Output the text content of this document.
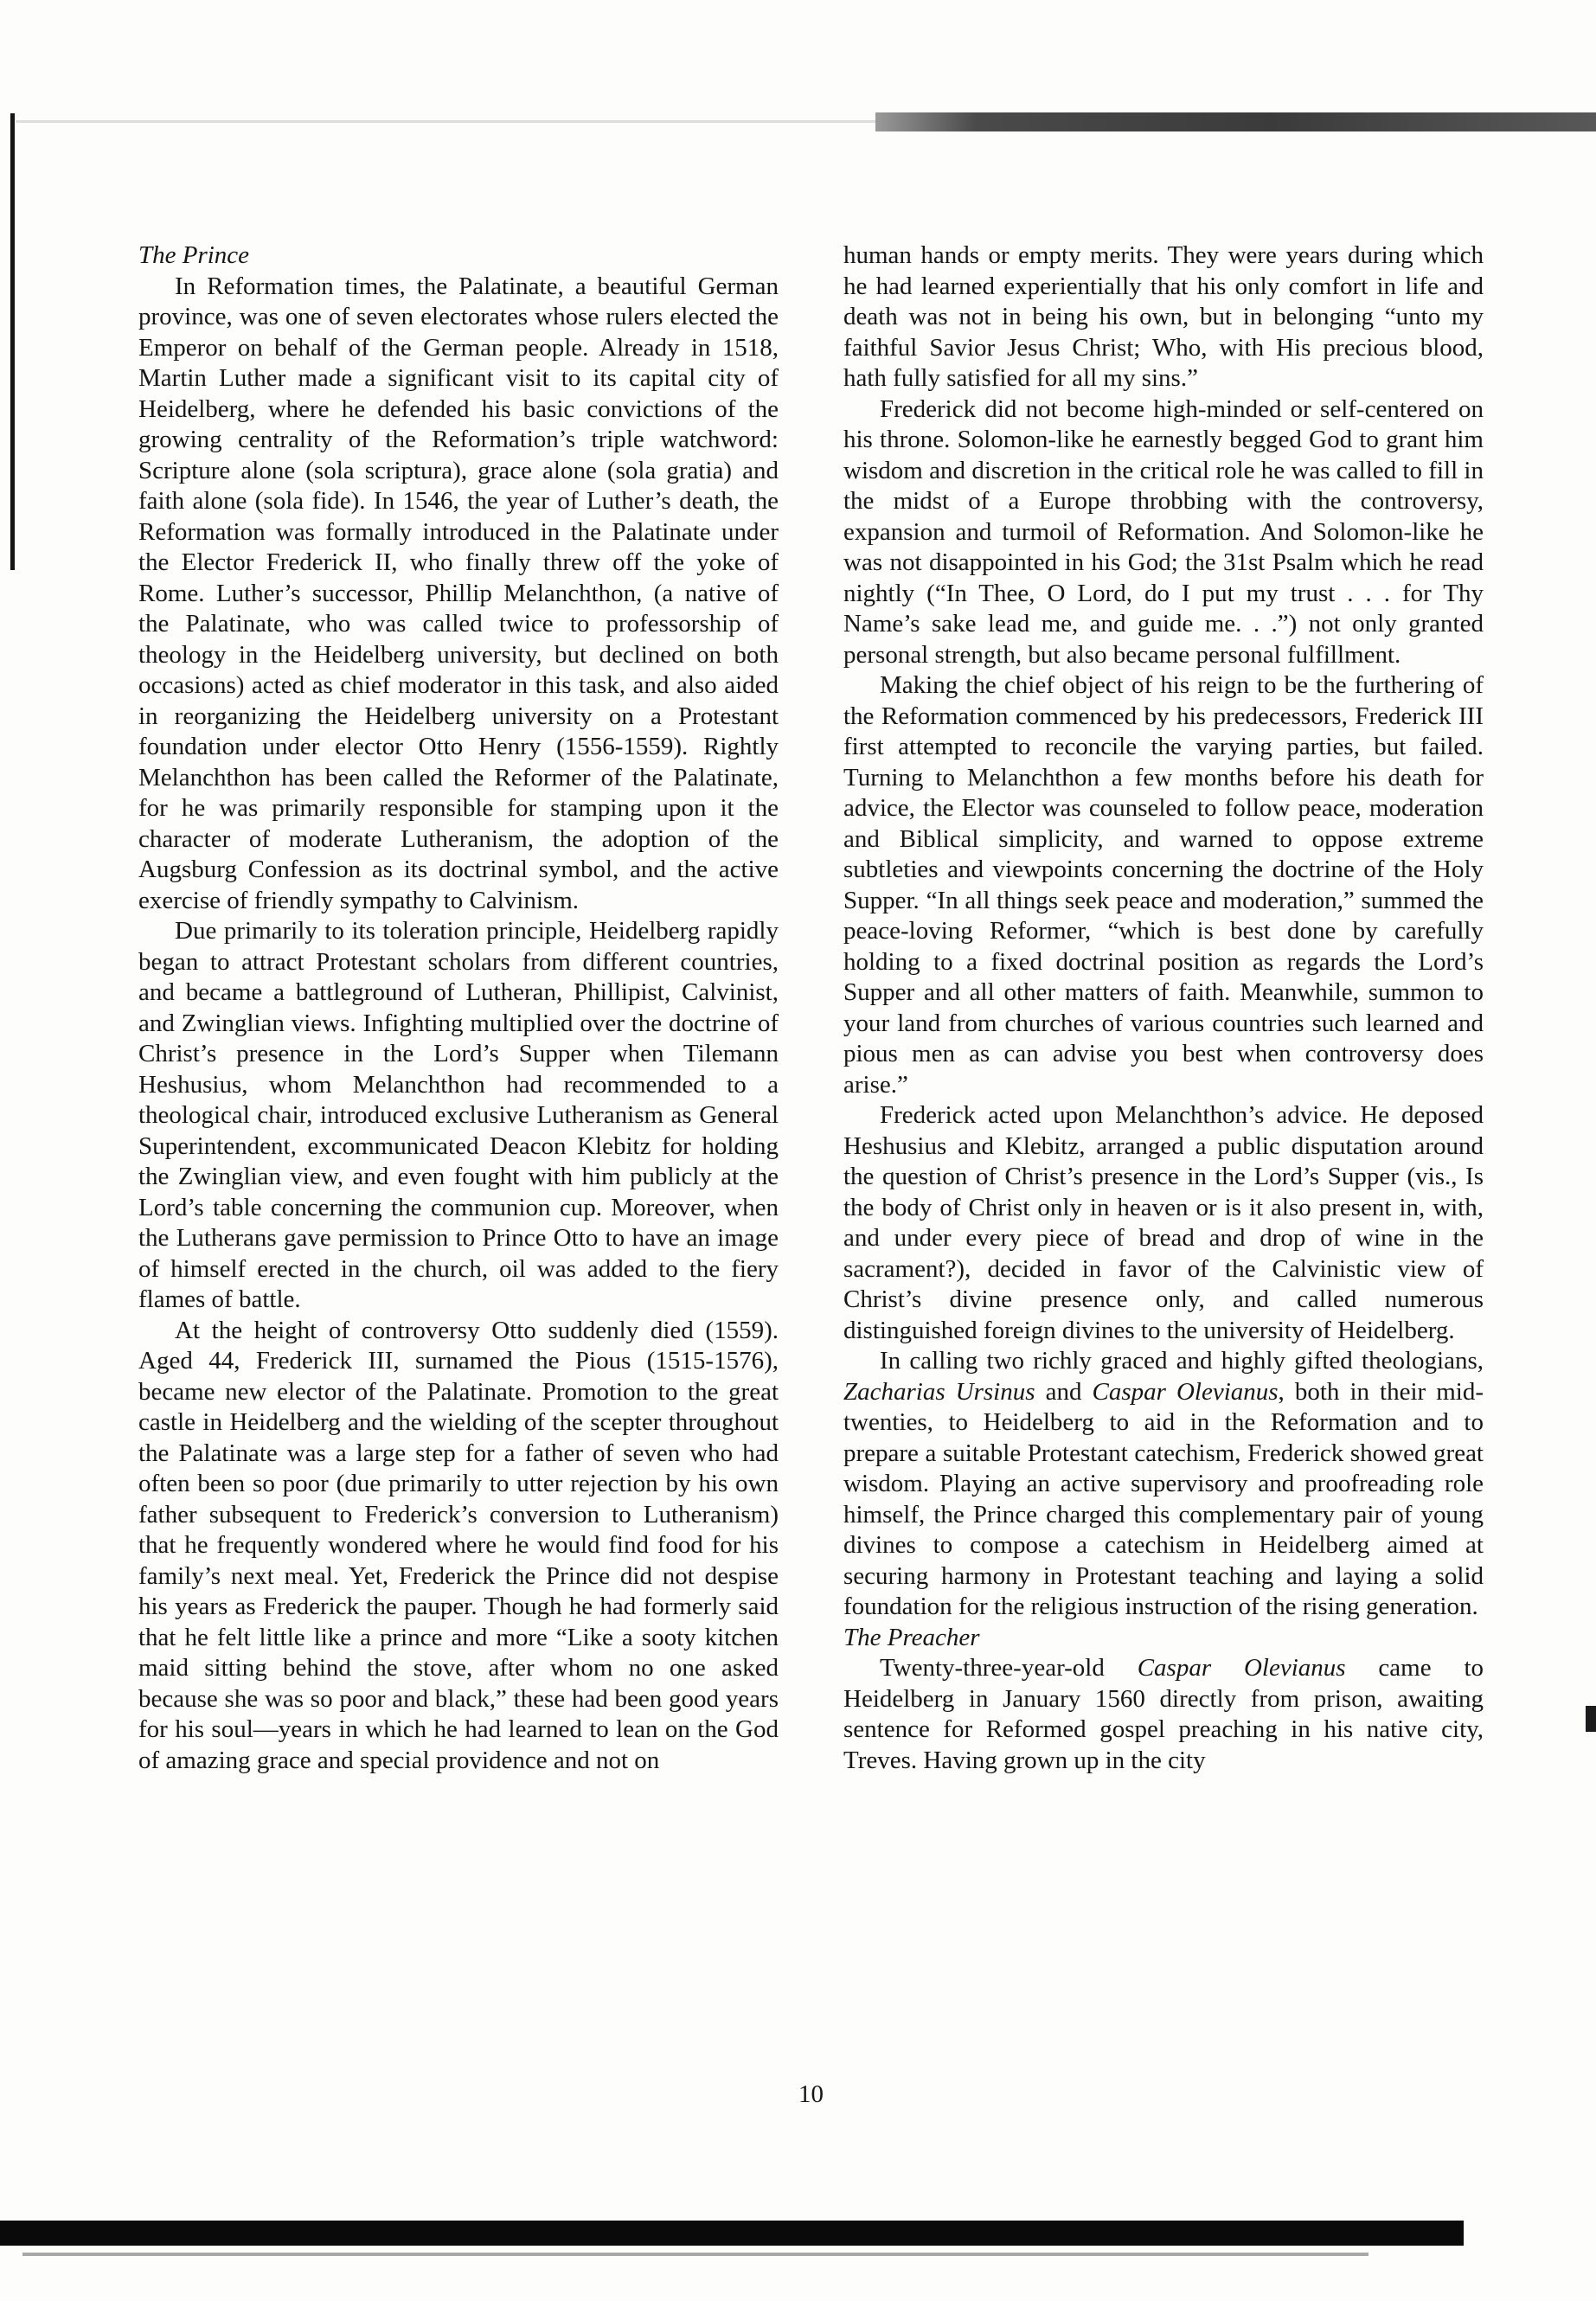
The Prince

In Reformation times, the Palatinate, a beautiful German province, was one of seven electorates whose rulers elected the Emperor on behalf of the German people. Already in 1518, Martin Luther made a significant visit to its capital city of Heidelberg, where he defended his basic convictions of the growing centrality of the Reformation’s triple watchword: Scripture alone (sola scriptura), grace alone (sola gratia) and faith alone (sola fide). In 1546, the year of Luther’s death, the Reformation was formally introduced in the Palatinate under the Elector Frederick II, who finally threw off the yoke of Rome. Luther’s successor, Phillip Melanchthon, (a native of the Palatinate, who was called twice to professorship of theology in the Heidelberg university, but declined on both occasions) acted as chief moderator in this task, and also aided in reorganizing the Heidelberg university on a Protestant foundation under elector Otto Henry (1556-1559). Rightly Melanchthon has been called the Reformer of the Palatinate, for he was primarily responsible for stamping upon it the character of moderate Lutheranism, the adoption of the Augsburg Confession as its doctrinal symbol, and the active exercise of friendly sympathy to Calvinism.

Due primarily to its toleration principle, Heidelberg rapidly began to attract Protestant scholars from different countries, and became a battleground of Lutheran, Phillipist, Calvinist, and Zwinglian views. Infighting multiplied over the doctrine of Christ’s presence in the Lord’s Supper when Tilemann Heshusius, whom Melanchthon had recommended to a theological chair, introduced exclusive Lutheranism as General Superintendent, excommunicated Deacon Klebitz for holding the Zwinglian view, and even fought with him publicly at the Lord’s table concerning the communion cup. Moreover, when the Lutherans gave permission to Prince Otto to have an image of himself erected in the church, oil was added to the fiery flames of battle.

At the height of controversy Otto suddenly died (1559). Aged 44, Frederick III, surnamed the Pious (1515-1576), became new elector of the Palatinate. Promotion to the great castle in Heidelberg and the wielding of the scepter throughout the Palatinate was a large step for a father of seven who had often been so poor (due primarily to utter rejection by his own father subsequent to Frederick’s conversion to Lutheranism) that he frequently wondered where he would find food for his family’s next meal. Yet, Frederick the Prince did not despise his years as Frederick the pauper. Though he had formerly said that he felt little like a prince and more “Like a sooty kitchen maid sitting behind the stove, after whom no one asked because she was so poor and black,” these had been good years for his soul—years in which he had learned to lean on the God of amazing grace and special providence and not on

human hands or empty merits. They were years during which he had learned experientially that his only comfort in life and death was not in being his own, but in belonging “unto my faithful Savior Jesus Christ; Who, with His precious blood, hath fully satisfied for all my sins.”

Frederick did not become high-minded or self-centered on his throne. Solomon-like he earnestly begged God to grant him wisdom and discretion in the critical role he was called to fill in the midst of a Europe throbbing with the controversy, expansion and turmoil of Reformation. And Solomon-like he was not disappointed in his God; the 31st Psalm which he read nightly (“In Thee, O Lord, do I put my trust . . . for Thy Name’s sake lead me, and guide me. . .”) not only granted personal strength, but also became personal fulfillment.

Making the chief object of his reign to be the furthering of the Reformation commenced by his predecessors, Frederick III first attempted to reconcile the varying parties, but failed. Turning to Melanchthon a few months before his death for advice, the Elector was counseled to follow peace, moderation and Biblical simplicity, and warned to oppose extreme subtleties and viewpoints concerning the doctrine of the Holy Supper. “In all things seek peace and moderation,” summed the peace-loving Reformer, “which is best done by carefully holding to a fixed doctrinal position as regards the Lord’s Supper and all other matters of faith. Meanwhile, summon to your land from churches of various countries such learned and pious men as can advise you best when controversy does arise.”

Frederick acted upon Melanchthon’s advice. He deposed Heshusius and Klebitz, arranged a public disputation around the question of Christ’s presence in the Lord’s Supper (vis., Is the body of Christ only in heaven or is it also present in, with, and under every piece of bread and drop of wine in the sacrament?), decided in favor of the Calvinistic view of Christ’s divine presence only, and called numerous distinguished foreign divines to the university of Heidelberg.

In calling two richly graced and highly gifted theologians, Zacharias Ursinus and Caspar Olevianus, both in their mid-twenties, to Heidelberg to aid in the Reformation and to prepare a suitable Protestant catechism, Frederick showed great wisdom. Playing an active supervisory and proofreading role himself, the Prince charged this complementary pair of young divines to compose a catechism in Heidelberg aimed at securing harmony in Protestant teaching and laying a solid foundation for the religious instruction of the rising generation.

The Preacher

Twenty-three-year-old Caspar Olevianus came to Heidelberg in January 1560 directly from prison, awaiting sentence for Reformed gospel preaching in his native city, Treves. Having grown up in the city

10
